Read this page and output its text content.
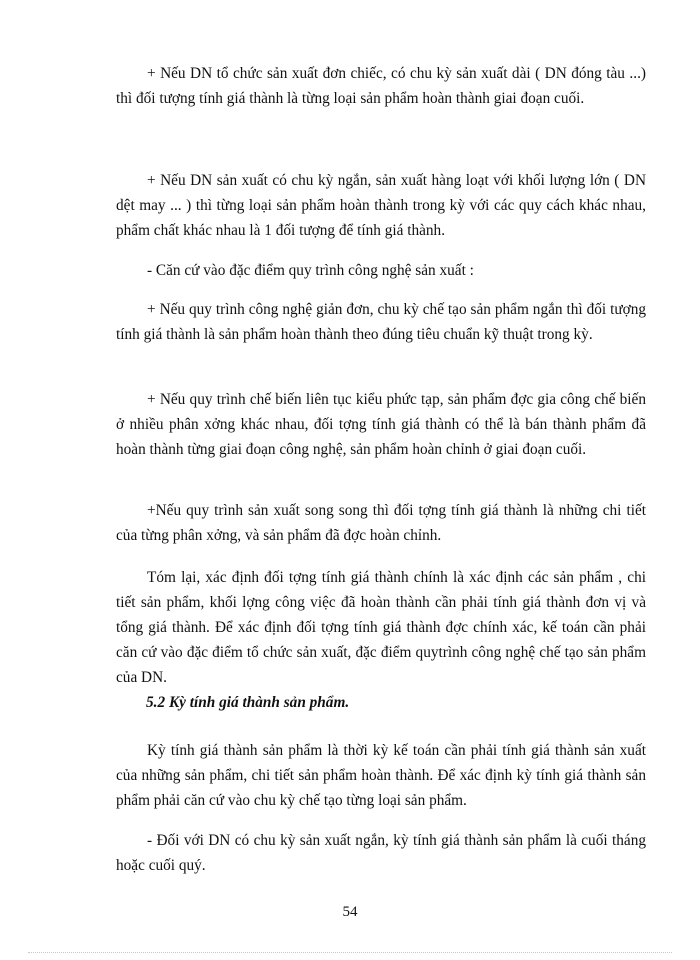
+ Nếu DN tổ chức sản xuất đơn chiếc, có chu kỳ sản xuất dài ( DN đóng tàu ...) thì đối tượng tính giá thành là từng loại sản phẩm hoàn thành giai đoạn cuối.

+ Nếu DN sản xuất có chu kỳ ngắn, sản xuất hàng loạt với khối lượng lớn ( DN dệt may ... ) thì từng loại sản phẩm hoàn thành trong kỳ với các quy cách khác nhau, phẩm chất khác nhau là 1 đối tượng để tính giá thành.

- Căn cứ vào đặc điểm quy trình công nghệ sản xuất :

+ Nếu quy trình công nghệ giản đơn, chu kỳ chế tạo sản phẩm ngắn thì đối tượng tính giá thành là sản phẩm hoàn thành theo đúng tiêu chuẩn kỹ thuật trong kỳ.

+ Nếu quy trình chế biến liên tục kiểu phức tạp, sản phẩm đợc gia công chế biến ở nhiều phân xởng khác nhau, đối tợng tính giá thành có thể là bán thành phẩm đã hoàn thành từng giai đoạn công nghệ, sản phẩm hoàn chỉnh ở giai đoạn cuối.

+Nếu quy trình sản xuất song song thì đối tợng tính giá thành là những chi tiết của từng phân xởng, và sản phẩm đã đợc hoàn chỉnh.

Tóm lại, xác định đối tợng tính giá thành chính là xác định các sản phẩm , chi tiết sản phẩm, khối lợng công việc đã hoàn thành cần phải tính giá thành đơn vị và tổng giá thành. Để xác định đối tợng tính giá thành đợc chính xác, kế toán cần phải căn cứ vào đặc điểm tổ chức sản xuất, đặc điểm quytrình công nghệ chế tạo sản phẩm của DN.

5.2 Kỳ tính giá thành sản phẩm.

Kỳ tính giá thành sản phẩm là thời kỳ kế toán cần phải tính giá thành sản xuất của những sản phẩm, chi tiết sản phẩm hoàn thành. Để xác định kỳ tính giá thành sản phẩm phải căn cứ vào chu kỳ chế tạo từng loại sản phẩm.

- Đối với DN có chu kỳ sản xuất ngắn, kỳ tính giá thành sản phẩm là cuối tháng hoặc cuối quý.

54
